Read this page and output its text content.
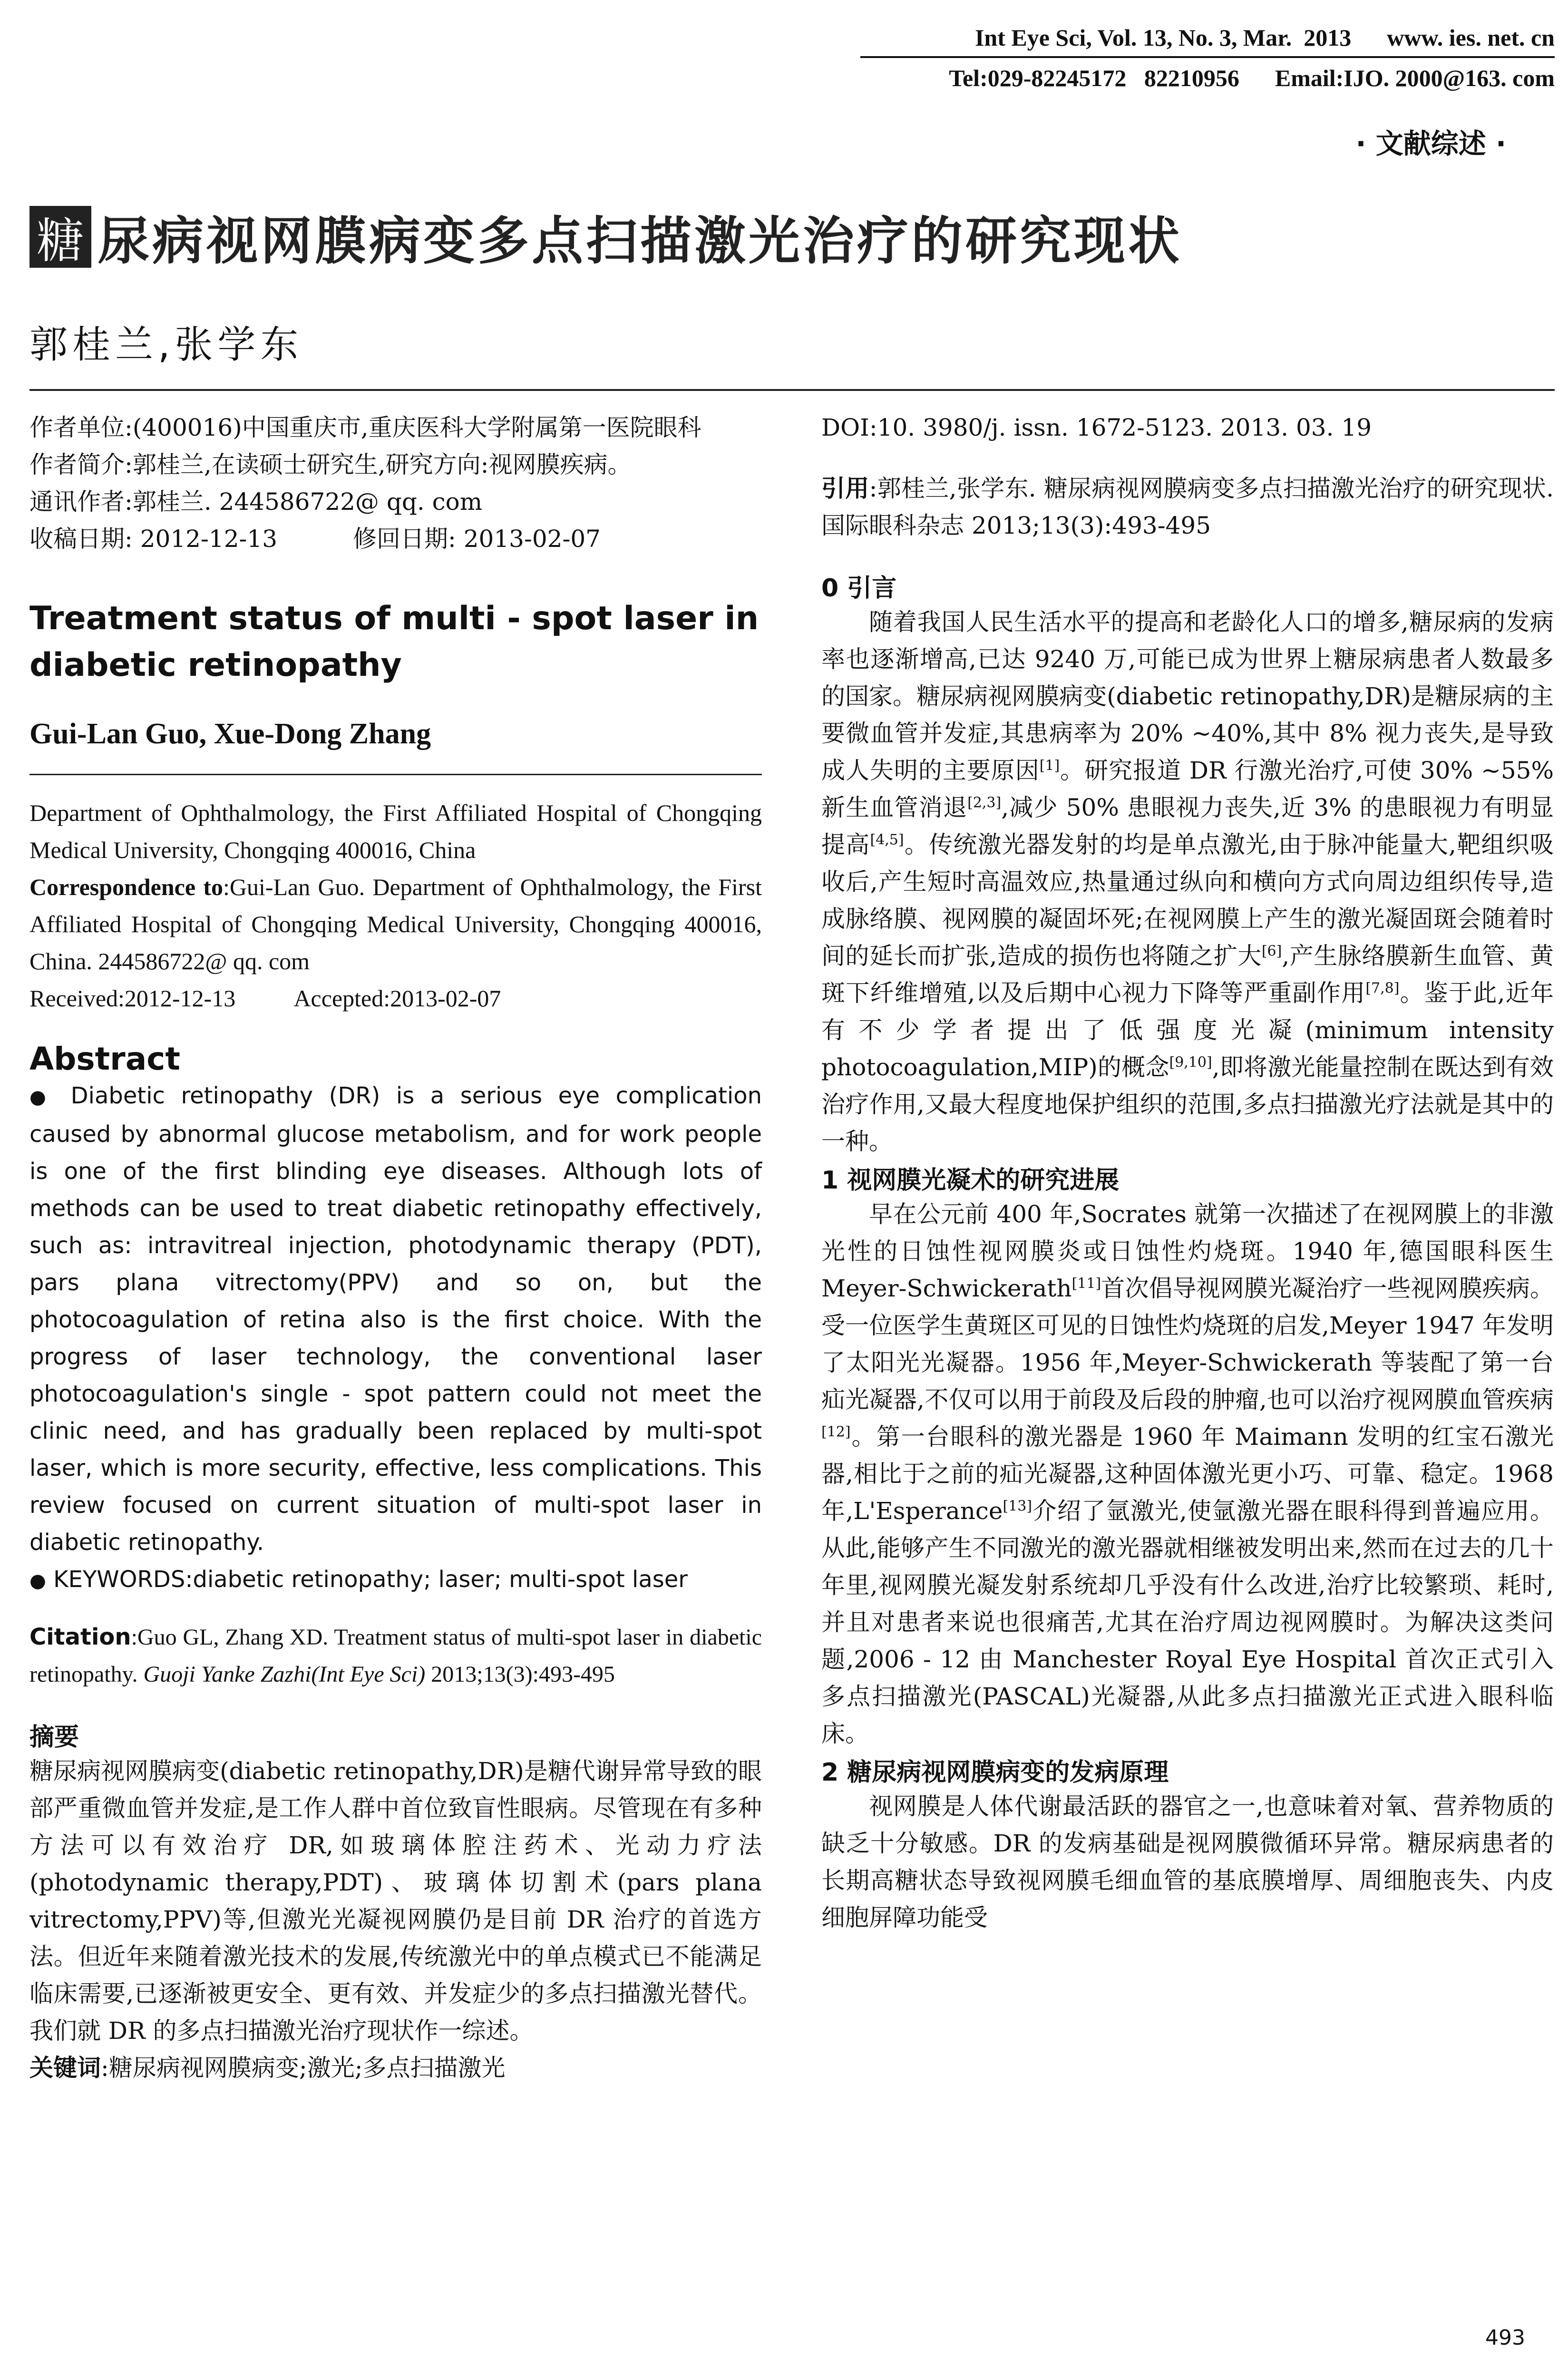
Int Eye Sci, Vol. 13, No. 3, Mar.  2013      www. ies. net. cn
Tel:029-82245172   82210956      Email:IJO. 2000@163. com
· 文献综述 ·
糖 尿病视网膜病变多点扫描激光治疗的研究现状
郭桂兰,张学东

作者单位:(400016)中国重庆市,重庆医科大学附属第一医院眼科

作者简介:郭桂兰,在读硕士研究生,研究方向:视网膜疾病。

通讯作者:郭桂兰. 244586722@ qq. com

收稿日期: 2012-12-13          修回日期: 2013-02-07

Treatment status of multi - spot laser in diabetic retinopathy

Gui-Lan Guo, Xue-Dong Zhang

Department of Ophthalmology, the First Affiliated Hospital of Chongqing Medical University, Chongqing 400016, China

Correspondence to:Gui-Lan Guo. Department of Ophthalmology, the First Affiliated Hospital of Chongqing Medical University, Chongqing 400016, China. 244586722@ qq. com

Received:2012-12-13          Accepted:2013-02-07

Abstract

● Diabetic retinopathy (DR) is a serious eye complication caused by abnormal glucose metabolism, and for work people is one of the first blinding eye diseases. Although lots of methods can be used to treat diabetic retinopathy effectively, such as: intravitreal injection, photodynamic therapy (PDT), pars plana vitrectomy(PPV) and so on, but the photocoagulation of retina also is the first choice. With the progress of laser technology, the conventional laser photocoagulation's single - spot pattern could not meet the clinic need, and has gradually been replaced by multi-spot laser, which is more security, effective, less complications. This review focused on current situation of multi-spot laser in diabetic retinopathy.

● KEYWORDS:diabetic retinopathy; laser; multi-spot laser

Citation:Guo GL, Zhang XD. Treatment status of multi-spot laser in diabetic retinopathy. Guoji Yanke Zazhi(Int Eye Sci) 2013;13(3):493-495

摘要

糖尿病视网膜病变(diabetic retinopathy,DR)是糖代谢异常导致的眼部严重微血管并发症,是工作人群中首位致盲性眼病。尽管现在有多种方法可以有效治疗 DR,如玻璃体腔注药术、光动力疗法(photodynamic therapy,PDT)、玻璃体切割术(pars plana vitrectomy,PPV)等,但激光光凝视网膜仍是目前 DR 治疗的首选方法。但近年来随着激光技术的发展,传统激光中的单点模式已不能满足临床需要,已逐渐被更安全、更有效、并发症少的多点扫描激光替代。我们就 DR 的多点扫描激光治疗现状作一综述。

关键词:糖尿病视网膜病变;激光;多点扫描激光

DOI:10. 3980/j. issn. 1672-5123. 2013. 03. 19

引用:郭桂兰,张学东. 糖尿病视网膜病变多点扫描激光治疗的研究现状. 国际眼科杂志 2013;13(3):493-495

0 引言

随着我国人民生活水平的提高和老龄化人口的增多,糖尿病的发病率也逐渐增高,已达 9240 万,可能已成为世界上糖尿病患者人数最多的国家。糖尿病视网膜病变(diabetic retinopathy,DR)是糖尿病的主要微血管并发症,其患病率为 20% ~40%,其中 8% 视力丧失,是导致成人失明的主要原因[1]。研究报道 DR 行激光治疗,可使 30% ~55% 新生血管消退[2,3],减少 50% 患眼视力丧失,近 3% 的患眼视力有明显提高[4,5]。传统激光器发射的均是单点激光,由于脉冲能量大,靶组织吸收后,产生短时高温效应,热量通过纵向和横向方式向周边组织传导,造成脉络膜、视网膜的凝固坏死;在视网膜上产生的激光凝固斑会随着时间的延长而扩张,造成的损伤也将随之扩大[6],产生脉络膜新生血管、黄斑下纤维增殖,以及后期中心视力下降等严重副作用[7,8]。鉴于此,近年有不少学者提出了低强度光凝(minimum intensity photocoagulation,MIP)的概念[9,10],即将激光能量控制在既达到有效治疗作用,又最大程度地保护组织的范围,多点扫描激光疗法就是其中的一种。

1 视网膜光凝术的研究进展

早在公元前 400 年,Socrates 就第一次描述了在视网膜上的非激光性的日蚀性视网膜炎或日蚀性灼烧斑。1940 年,德国眼科医生 Meyer-Schwickerath[11]首次倡导视网膜光凝治疗一些视网膜疾病。受一位医学生黄斑区可见的日蚀性灼烧斑的启发,Meyer 1947 年发明了太阳光光凝器。1956 年,Meyer-Schwickerath 等装配了第一台疝光凝器,不仅可以用于前段及后段的肿瘤,也可以治疗视网膜血管疾病[12]。第一台眼科的激光器是 1960 年 Maimann 发明的红宝石激光器,相比于之前的疝光凝器,这种固体激光更小巧、可靠、稳定。1968 年,L'Esperance[13]介绍了氩激光,使氩激光器在眼科得到普遍应用。从此,能够产生不同激光的激光器就相继被发明出来,然而在过去的几十年里,视网膜光凝发射系统却几乎没有什么改进,治疗比较繁琐、耗时,并且对患者来说也很痛苦,尤其在治疗周边视网膜时。为解决这类问题,2006 - 12 由 Manchester Royal Eye Hospital 首次正式引入多点扫描激光(PASCAL)光凝器,从此多点扫描激光正式进入眼科临床。

2 糖尿病视网膜病变的发病原理

视网膜是人体代谢最活跃的器官之一,也意味着对氧、营养物质的缺乏十分敏感。DR 的发病基础是视网膜微循环异常。糖尿病患者的长期高糖状态导致视网膜毛细血管的基底膜增厚、周细胞丧失、内皮细胞屏障功能受

493
